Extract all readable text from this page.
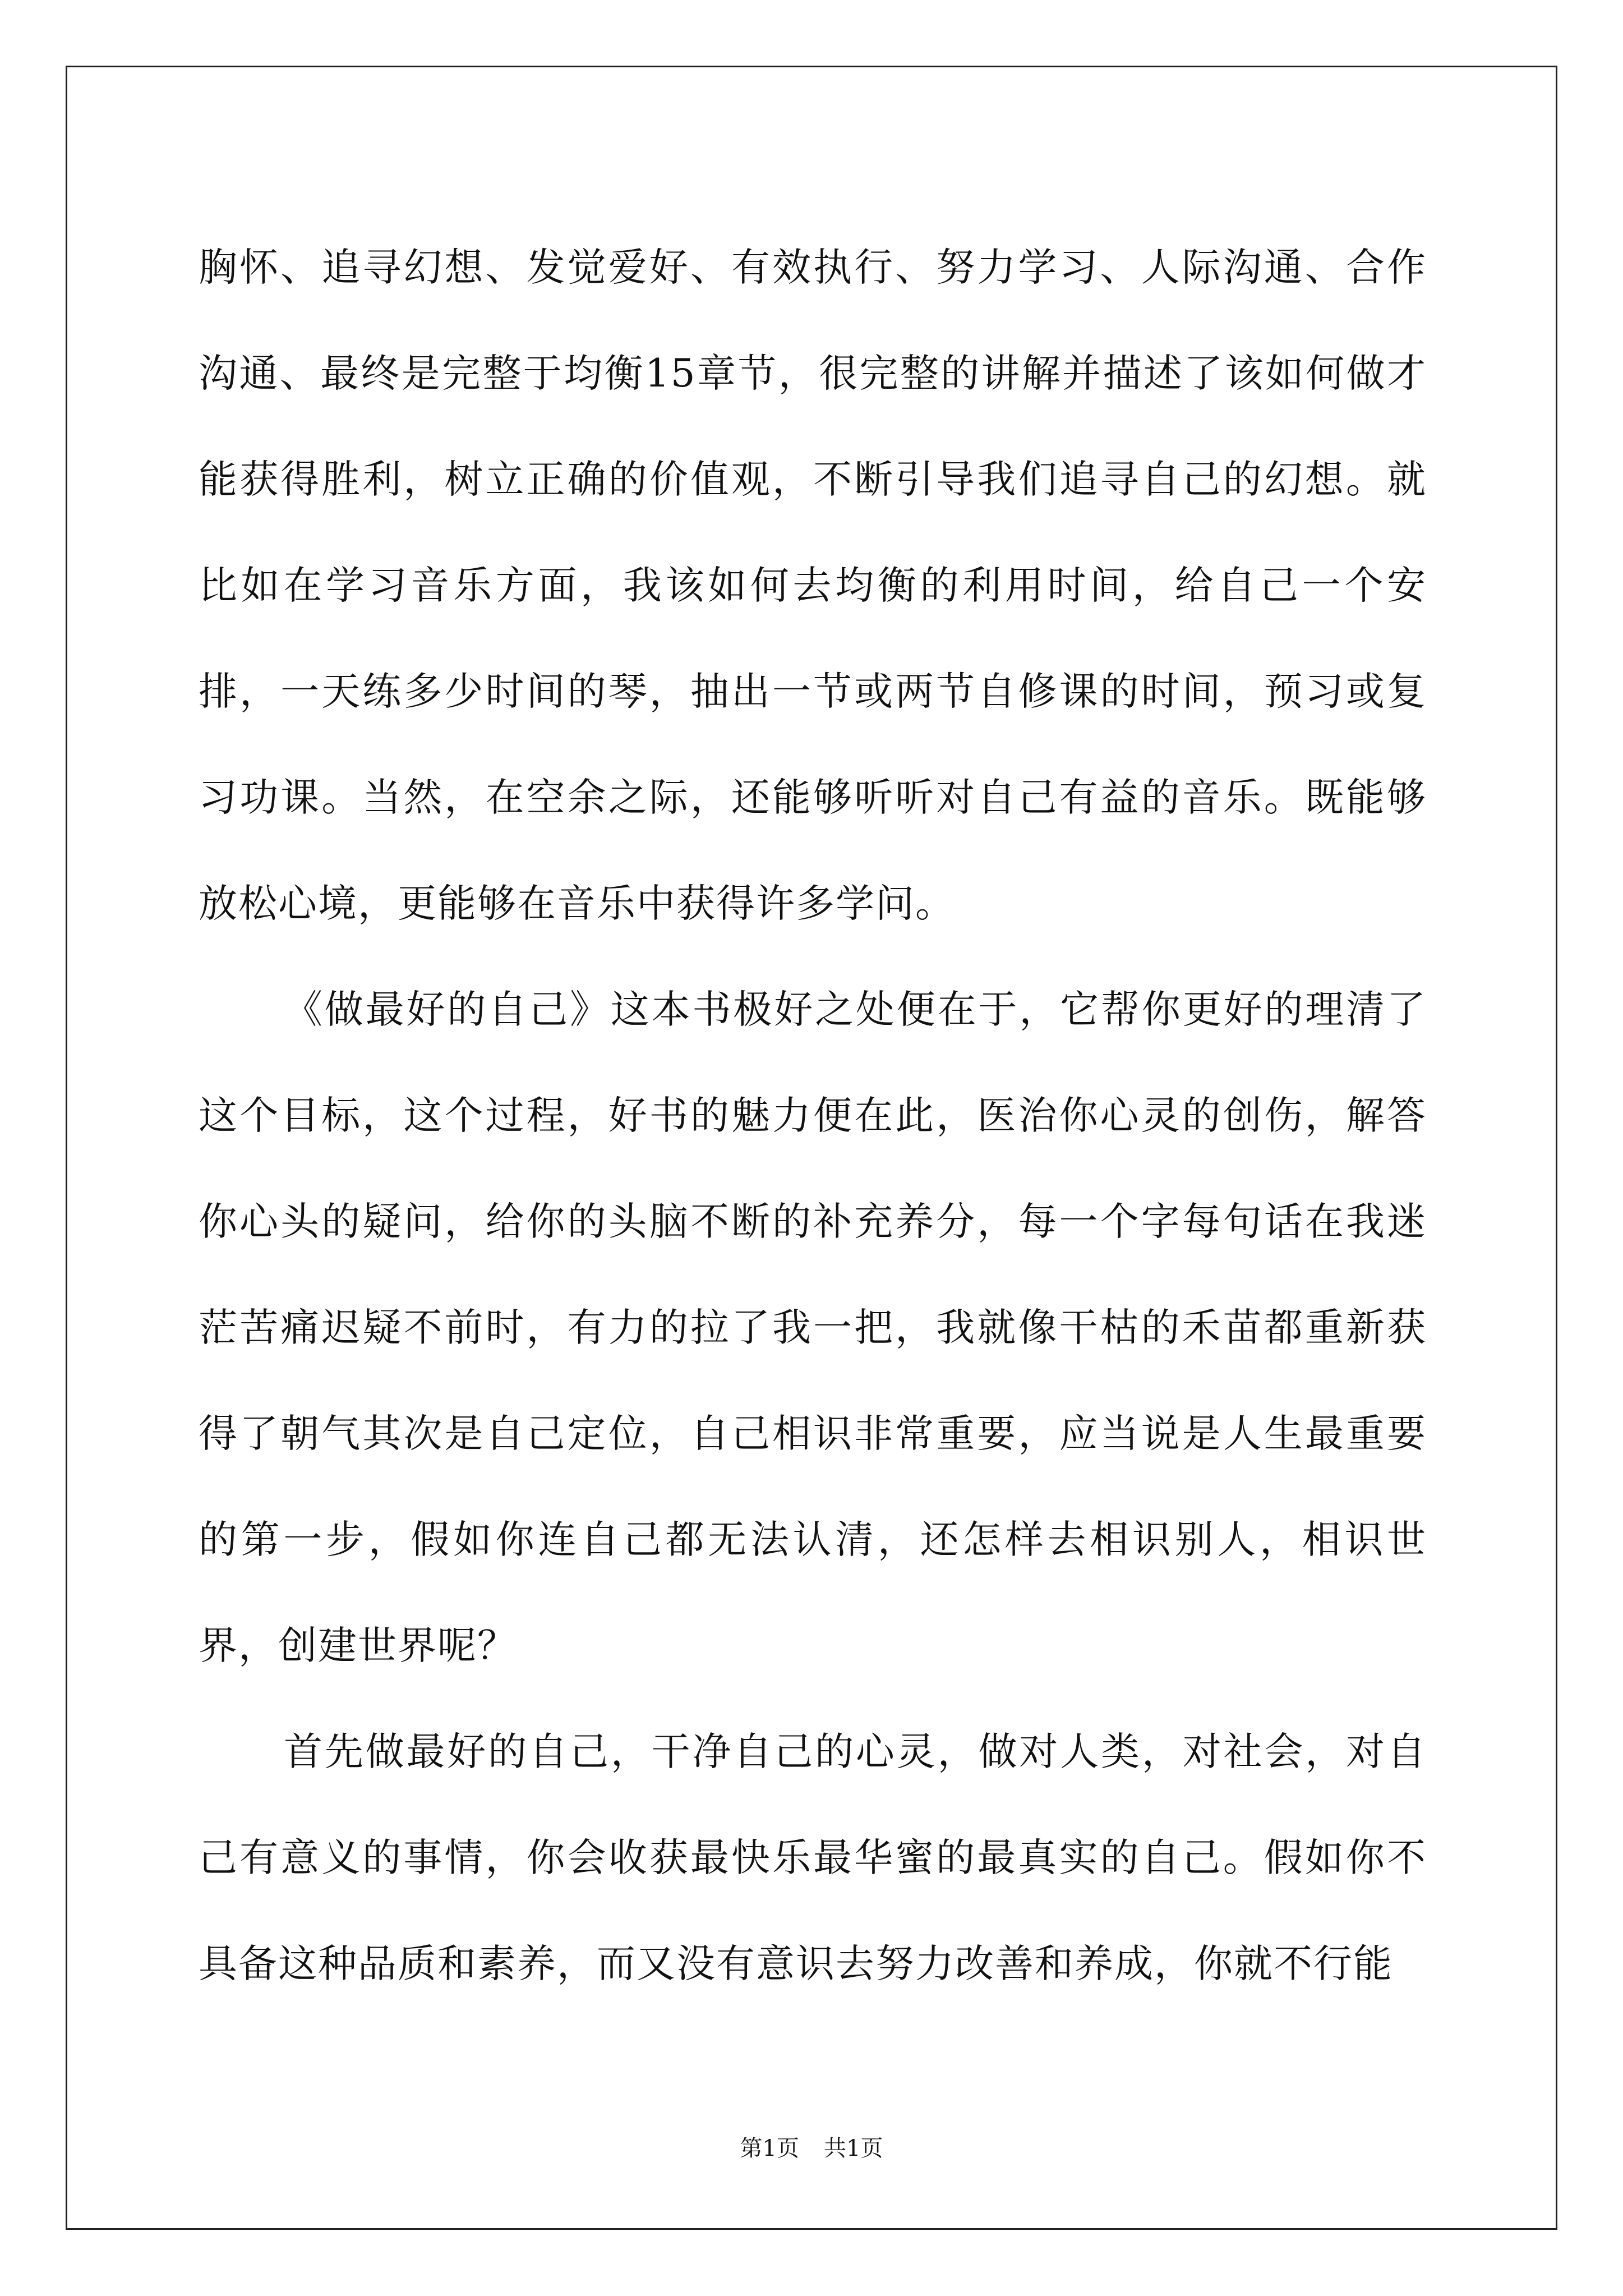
胸怀、追寻幻想、发觉爱好、有效执行、努力学习、人际沟通、合作沟通、最终是完整于均衡15章节，很完整的讲解并描述了该如何做才能获得胜利，树立正确的价值观，不断引导我们追寻自己的幻想。就比如在学习音乐方面，我该如何去均衡的利用时间，给自己一个安排，一天练多少时间的琴，抽出一节或两节自修课的时间，预习或复习功课。当然，在空余之际，还能够听听对自己有益的音乐。既能够放松心境，更能够在音乐中获得许多学问。

《做最好的自己》这本书极好之处便在于，它帮你更好的理清了这个目标，这个过程，好书的魅力便在此，医治你心灵的创伤，解答你心头的疑问，给你的头脑不断的补充养分，每一个字每句话在我迷茫苦痛迟疑不前时，有力的拉了我一把，我就像干枯的禾苗都重新获得了朝气其次是自己定位，自己相识非常重要，应当说是人生最重要的第一步，假如你连自己都无法认清，还怎样去相识别人，相识世界，创建世界呢？

首先做最好的自己，干净自己的心灵，做对人类，对社会，对自己有意义的事情，你会收获最快乐最华蜜的最真实的自己。假如你不具备这种品质和素养，而又没有意识去努力改善和养成，你就不行能

第1页 共1页
